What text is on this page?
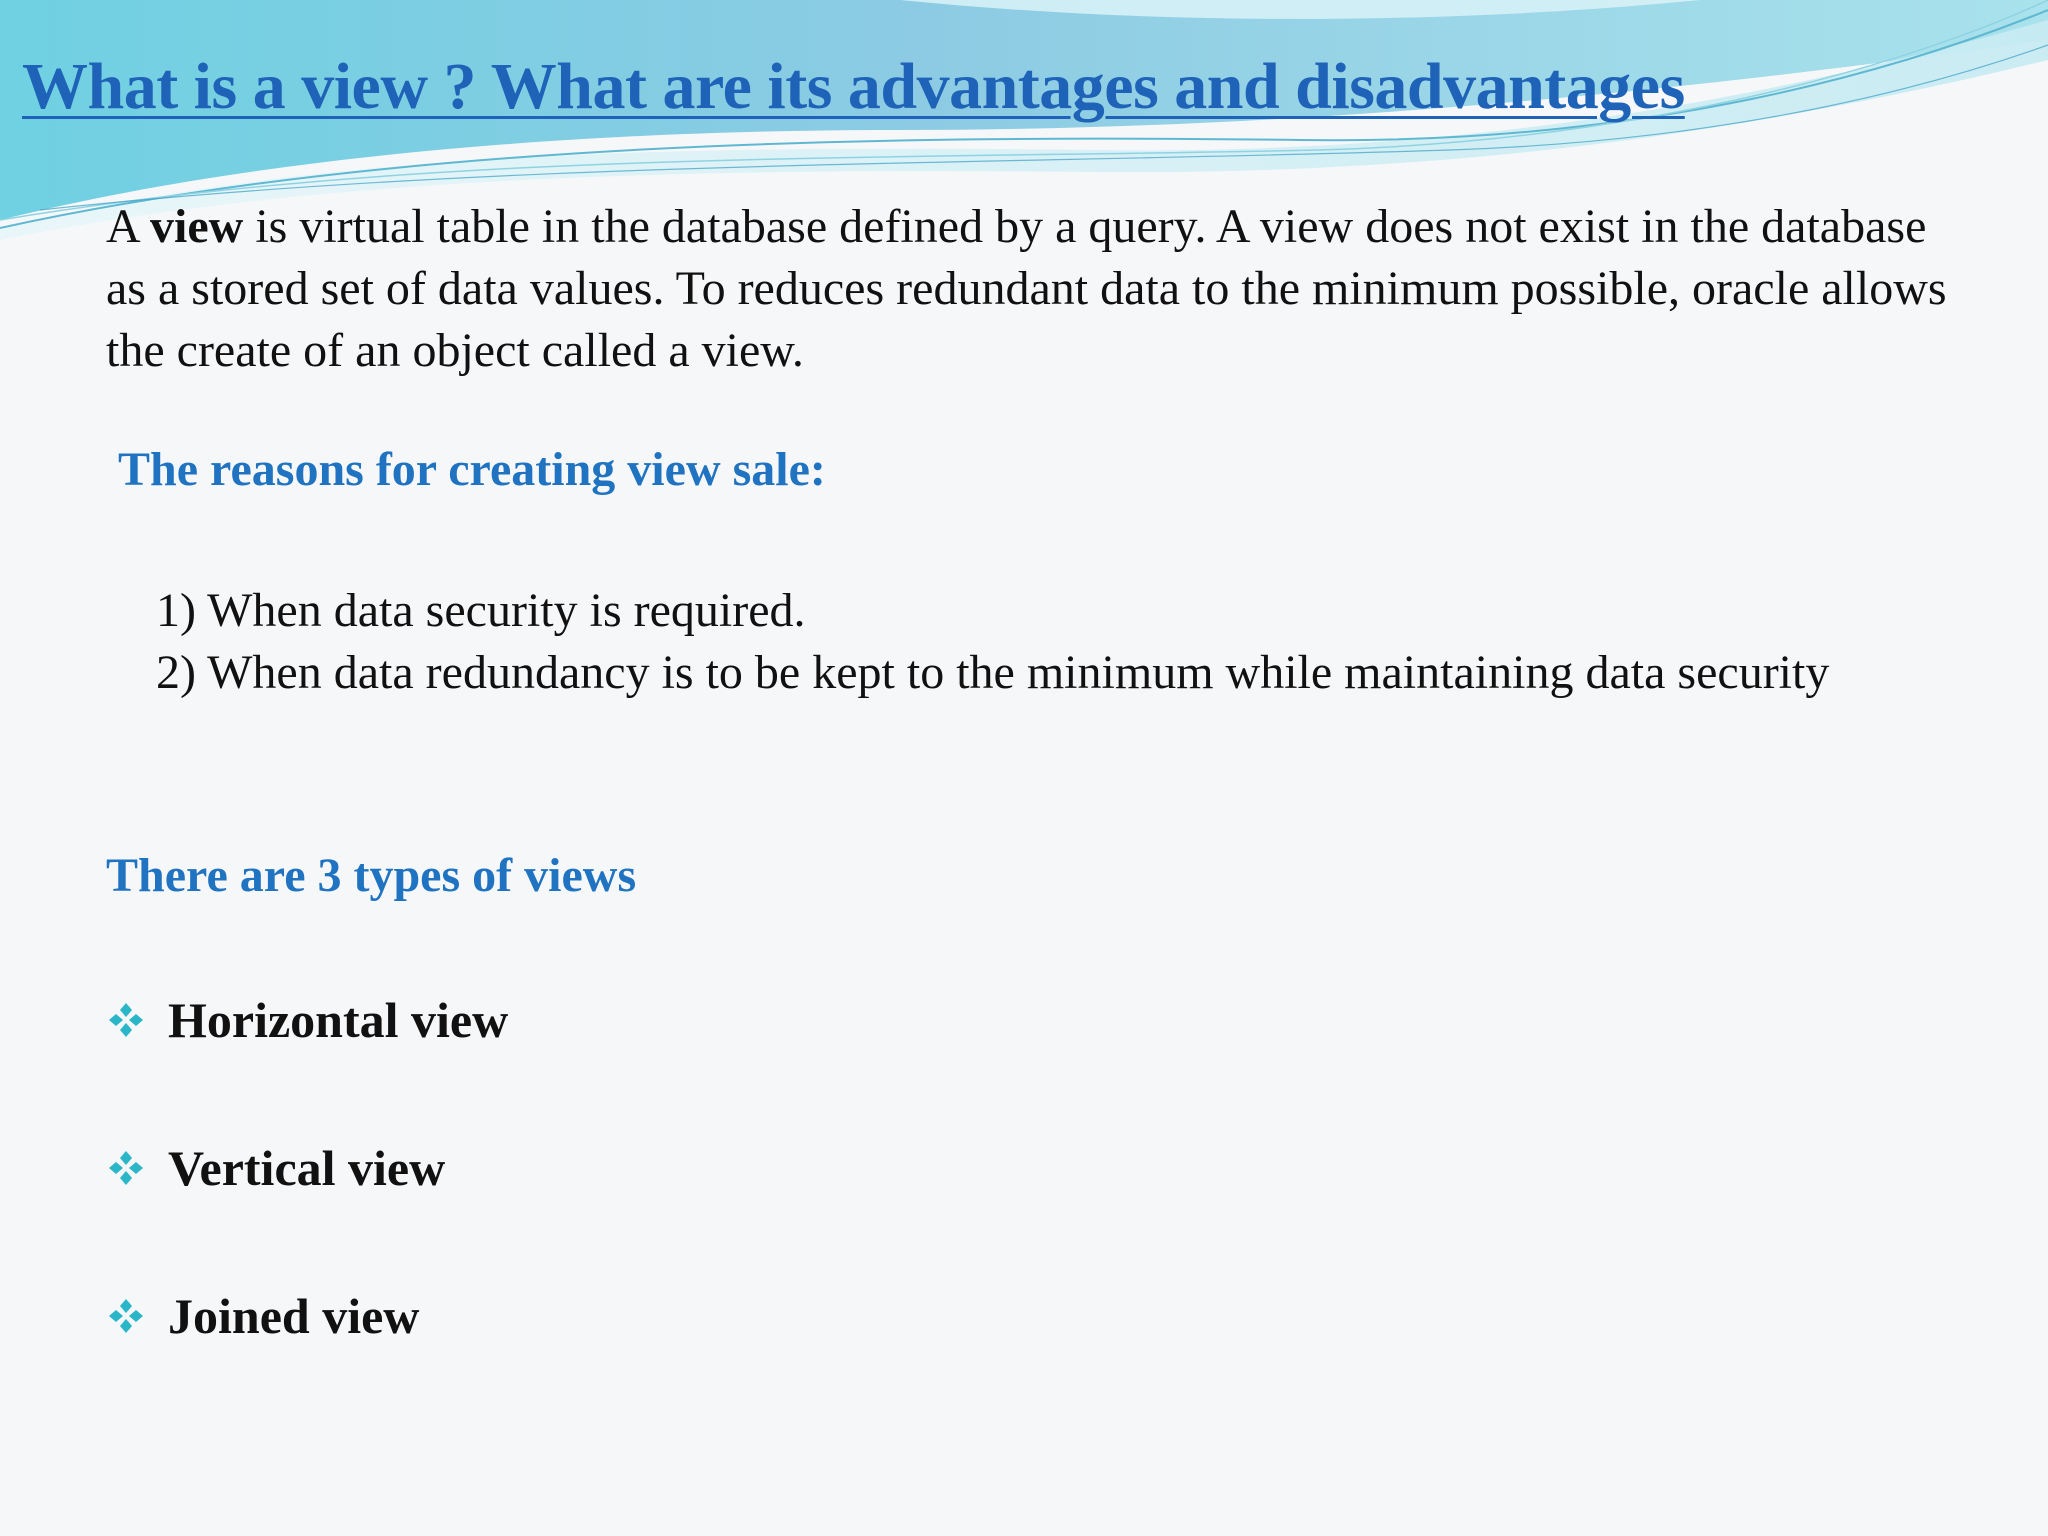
What is a view ? What are its advantages and disadvantages

A view is virtual table in the database defined by a query. A view does not exist in the database as a stored set of data values. To reduces redundant data to the minimum possible, oracle allows the create of an object called a view.

The reasons for creating view sale:
1) When data security is required.
2) When data redundancy is to be kept to the minimum while maintaining data security
There are 3 types of views
Horizontal view
Vertical view
Joined view
